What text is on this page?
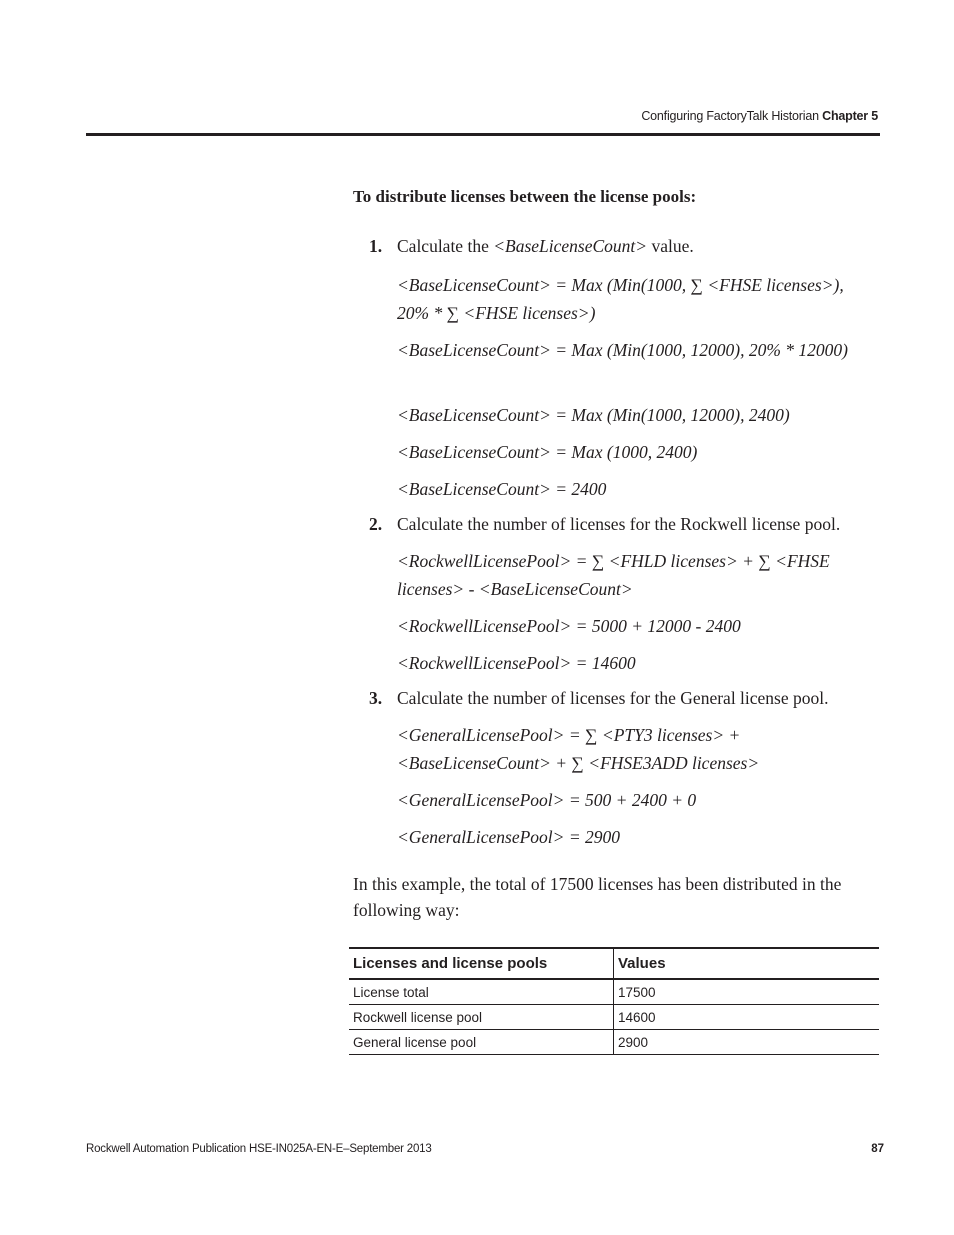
Configuring FactoryTalk Historian Chapter 5
To distribute licenses between the license pools:
1. Calculate the <BaseLicenseCount> value.
<BaseLicenseCount> = Max (Min(1000, ∑ <FHSE licenses>), 20% * ∑ <FHSE licenses>)
<BaseLicenseCount> = Max (Min(1000, 12000), 20% * 12000)
<BaseLicenseCount> = Max (Min(1000, 12000), 2400)
<BaseLicenseCount> = Max (1000, 2400)
<BaseLicenseCount> = 2400
2. Calculate the number of licenses for the Rockwell license pool.
<RockwellLicensePool> = ∑ <FHLD licenses> + ∑ <FHSE licenses> - <BaseLicenseCount>
<RockwellLicensePool> = 5000 + 12000 - 2400
<RockwellLicensePool> = 14600
3. Calculate the number of licenses for the General license pool.
<GeneralLicensePool> = ∑ <PTY3 licenses> + <BaseLicenseCount> + ∑ <FHSE3ADD licenses>
<GeneralLicensePool> = 500 + 2400 + 0
<GeneralLicensePool> = 2900
In this example, the total of 17500 licenses has been distributed in the following way:
Licenses and license pools	Values
License total	17500
Rockwell license pool	14600
General license pool	2900
Rockwell Automation Publication HSE-IN025A-EN-E–September 2013	87
